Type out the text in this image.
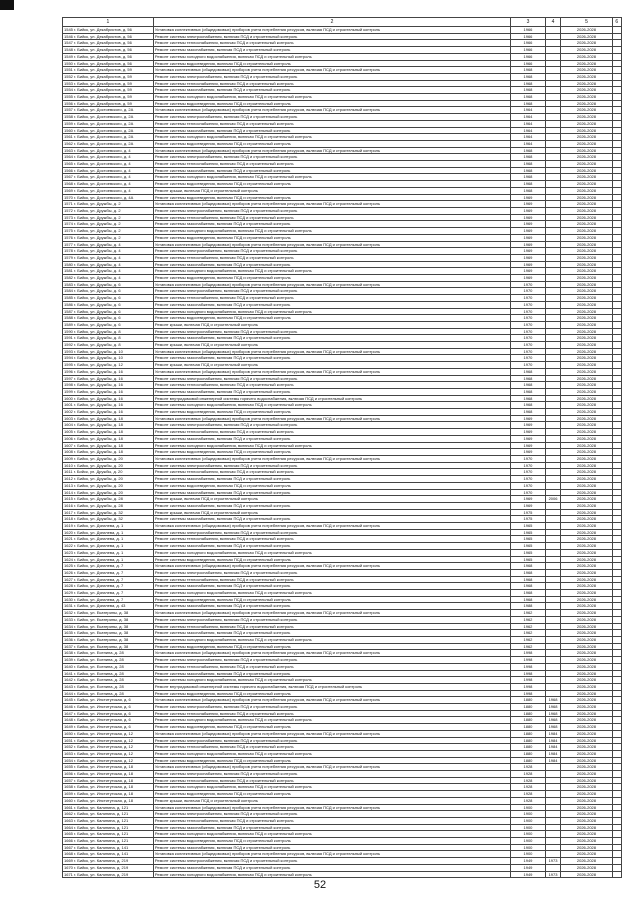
1	2	3	4	5	6
1545 г. Бийск, ул. Декабристов, д. 56	Установка коллективных (общедомовых) приборов учета потребления ресурсов, включая ПСД и строительный контроль	1966		2026-2028	
1546 г. Бийск, ул. Декабристов, д. 56	Ремонт системы электроснабжения, включая ПСД и строительный контроль	1966		2026-2028	
1547 г. Бийск, ул. Декабристов, д. 56	Ремонт системы теплоснабжения, включая ПСД и строительный контроль	1966		2026-2028	
1548 г. Бийск, ул. Декабристов, д. 56	Ремонт системы газоснабжения, включая ПСД и строительный контроль	1966		2026-2028	
1549 г. Бийск, ул. Декабристов, д. 56	Ремонт системы холодного водоснабжения, включая ПСД и строительный контроль	1966		2026-2028	
1550 г. Бийск, ул. Декабристов, д. 56	Ремонт системы водоотведения, включая ПСД и строительный контроль	1966		2026-2028	
1551 г. Бийск, ул. Декабристов, д. 59	Установка коллективных (общедомовых) приборов учета потребления ресурсов, включая ПСД и строительный контроль	1968		2026-2028	
1552 г. Бийск, ул. Декабристов, д. 59	Ремонт системы электроснабжения, включая ПСД и строительный контроль	1968		2026-2028	
1553 г. Бийск, ул. Декабристов, д. 59	Ремонт системы теплоснабжения, включая ПСД и строительный контроль	1968		2026-2028	
1554 г. Бийск, ул. Декабристов, д. 59	Ремонт системы газоснабжения, включая ПСД и строительный контроль	1968		2026-2028	
1555 г. Бийск, ул. Декабристов, д. 59	Ремонт системы холодного водоснабжения, включая ПСД и строительный контроль	1968		2026-2028	
1556 г. Бийск, ул. Декабристов, д. 59	Ремонт системы водоотведения, включая ПСД и строительный контроль	1968		2026-2028	
1557 г. Бийск, ул. Достоевского, д. 2А	Установка коллективных (общедомовых) приборов учета потребления ресурсов, включая ПСД и строительный контроль	1964		2026-2028	
1558 г. Бийск, ул. Достоевского, д. 2А	Ремонт системы электроснабжения, включая ПСД и строительный контроль	1964		2026-2028	
1559 г. Бийск, ул. Достоевского, д. 2А	Ремонт системы теплоснабжения, включая ПСД и строительный контроль	1964		2026-2028	
1560 г. Бийск, ул. Достоевского, д. 2А	Ремонт системы газоснабжения, включая ПСД и строительный контроль	1964		2026-2028	
1561 г. Бийск, ул. Достоевского, д. 2А	Ремонт системы холодного водоснабжения, включая ПСД и строительный контроль	1964		2026-2028	
1562 г. Бийск, ул. Достоевского, д. 2А	Ремонт системы водоотведения, включая ПСД и строительный контроль	1964		2026-2028	
1563 г. Бийск, ул. Достоевского, д. 4	Установка коллективных (общедомовых) приборов учета потребления ресурсов, включая ПСД и строительный контроль	1968		2026-2028	
1564 г. Бийск, ул. Достоевского, д. 4	Ремонт системы электроснабжения, включая ПСД и строительный контроль	1968		2026-2028	
1565 г. Бийск, ул. Достоевского, д. 4	Ремонт системы теплоснабжения, включая ПСД и строительный контроль	1968		2026-2028	
1566 г. Бийск, ул. Достоевского, д. 4	Ремонт системы газоснабжения, включая ПСД и строительный контроль	1968		2026-2028	
1567 г. Бийск, ул. Достоевского, д. 4	Ремонт системы холодного водоснабжения, включая ПСД и строительный контроль	1968		2026-2028	
1568 г. Бийск, ул. Достоевского, д. 4	Ремонт системы водоотведения, включая ПСД и строительный контроль	1968		2026-2028	
1569 г. Бийск, ул. Достоевского, д. 4	Ремонт крыши, включая ПСД и строительный контроль	1968		2026-2028	
1570 г. Бийск, ул. Достоевского, д. 4А	Ремонт системы водоотведения, включая ПСД и строительный контроль	1969		2026-2028	
1571 г. Бийск, ул. Дружбы, д. 2	Установка коллективных (общедомовых) приборов учета потребления ресурсов, включая ПСД и строительный контроль	1969		2026-2028	
1572 г. Бийск, ул. Дружбы, д. 2	Ремонт системы электроснабжения, включая ПСД и строительный контроль	1969		2026-2028	
1573 г. Бийск, ул. Дружбы, д. 2	Ремонт системы теплоснабжения, включая ПСД и строительный контроль	1969		2026-2028	
1574 г. Бийск, ул. Дружбы, д. 2	Ремонт системы газоснабжения, включая ПСД и строительный контроль	1969		2026-2028	
1575 г. Бийск, ул. Дружбы, д. 2	Ремонт системы холодного водоснабжения, включая ПСД и строительный контроль	1969		2026-2028	
1576 г. Бийск, ул. Дружбы, д. 2	Ремонт системы водоотведения, включая ПСД и строительный контроль	1969		2026-2028	
1577 г. Бийск, ул. Дружбы, д. 4	Установка коллективных (общедомовых) приборов учета потребления ресурсов, включая ПСД и строительный контроль	1969		2026-2028	
1578 г. Бийск, ул. Дружбы, д. 4	Ремонт системы электроснабжения, включая ПСД и строительный контроль	1969		2026-2028	
1579 г. Бийск, ул. Дружбы, д. 4	Ремонт системы теплоснабжения, включая ПСД и строительный контроль	1969		2026-2028	
1580 г. Бийск, ул. Дружбы, д. 4	Ремонт системы газоснабжения, включая ПСД и строительный контроль	1969		2026-2028	
1581 г. Бийск, ул. Дружбы, д. 4	Ремонт системы холодного водоснабжения, включая ПСД и строительный контроль	1969		2026-2028	
1582 г. Бийск, ул. Дружбы, д. 4	Ремонт системы водоотведения, включая ПСД и строительный контроль	1969		2026-2028	
1583 г. Бийск, ул. Дружбы, д. 6	Установка коллективных (общедомовых) приборов учета потребления ресурсов, включая ПСД и строительный контроль	1970		2026-2028	
1584 г. Бийск, ул. Дружбы, д. 6	Ремонт системы электроснабжения, включая ПСД и строительный контроль	1970		2026-2028	
1585 г. Бийск, ул. Дружбы, д. 6	Ремонт системы теплоснабжения, включая ПСД и строительный контроль	1970		2026-2028	
1586 г. Бийск, ул. Дружбы, д. 6	Ремонт системы газоснабжения, включая ПСД и строительный контроль	1970		2026-2028	
1587 г. Бийск, ул. Дружбы, д. 6	Ремонт системы холодного водоснабжения, включая ПСД и строительный контроль	1970		2026-2028	
1588 г. Бийск, ул. Дружбы, д. 6	Ремонт системы водоотведения, включая ПСД и строительный контроль	1970		2026-2028	
1589 г. Бийск, ул. Дружбы, д. 6	Ремонт крыши, включая ПСД и строительный контроль	1970		2026-2028	
1590 г. Бийск, ул. Дружбы, д. 8	Ремонт системы электроснабжения, включая ПСД и строительный контроль	1970		2026-2028	
1591 г. Бийск, ул. Дружбы, д. 8	Ремонт системы газоснабжения, включая ПСД и строительный контроль	1970		2026-2028	
1592 г. Бийск, ул. Дружбы, д. 8	Ремонт крыши, включая ПСД и строительный контроль	1970		2026-2028	
1593 г. Бийск, ул. Дружбы, д. 10	Установка коллективных (общедомовых) приборов учета потребления ресурсов, включая ПСД и строительный контроль	1970		2026-2028	
1594 г. Бийск, ул. Дружбы, д. 10	Ремонт системы газоснабжения, включая ПСД и строительный контроль	1970		2026-2028	
1595 г. Бийск, ул. Дружбы, д. 12	Ремонт крыши, включая ПСД и строительный контроль	1970		2026-2028	
1596 г. Бийск, ул. Дружбы, д. 16	Установка коллективных (общедомовых) приборов учета потребления ресурсов, включая ПСД и строительный контроль	1968		2026-2028	
1597 г. Бийск, ул. Дружбы, д. 16	Ремонт системы электроснабжения, включая ПСД и строительный контроль	1968		2026-2028	
1598 г. Бийск, ул. Дружбы, д. 16	Ремонт системы теплоснабжения, включая ПСД и строительный контроль	1968		2026-2028	
1599 г. Бийск, ул. Дружбы, д. 16	Ремонт системы газоснабжения, включая ПСД и строительный контроль	1968		2026-2028	
1600 г. Бийск, ул. Дружбы, д. 16	Ремонт внутридомовой инженерной системы горячего водоснабжения, включая ПСД и строительный контроль	1968		2026-2028	
1601 г. Бийск, ул. Дружбы, д. 16	Ремонт системы холодного водоснабжения, включая ПСД и строительный контроль	1968		2026-2028	
1602 г. Бийск, ул. Дружбы, д. 16	Ремонт системы водоотведения, включая ПСД и строительный контроль	1968		2026-2028	
1603 г. Бийск, ул. Дружбы, д. 18	Установка коллективных (общедомовых) приборов учета потребления ресурсов, включая ПСД и строительный контроль	1969		2026-2028	
1604 г. Бийск, ул. Дружбы, д. 18	Ремонт системы электроснабжения, включая ПСД и строительный контроль	1969		2026-2028	
1605 г. Бийск, ул. Дружбы, д. 18	Ремонт системы теплоснабжения, включая ПСД и строительный контроль	1969		2026-2028	
1606 г. Бийск, ул. Дружбы, д. 18	Ремонт системы газоснабжения, включая ПСД и строительный контроль	1969		2026-2028	
1607 г. Бийск, ул. Дружбы, д. 18	Ремонт системы холодного водоснабжения, включая ПСД и строительный контроль	1969		2026-2028	
1608 г. Бийск, ул. Дружбы, д. 18	Ремонт системы водоотведения, включая ПСД и строительный контроль	1969		2026-2028	
1609 г. Бийск, ул. Дружбы, д. 20	Установка коллективных (общедомовых) приборов учета потребления ресурсов, включая ПСД и строительный контроль	1970		2026-2028	
1610 г. Бийск, ул. Дружбы, д. 20	Ремонт системы электроснабжения, включая ПСД и строительный контроль	1970		2026-2028	
1611 г. Бийск, ул. Дружбы, д. 20	Ремонт системы теплоснабжения, включая ПСД и строительный контроль	1970		2026-2028	
1612 г. Бийск, ул. Дружбы, д. 20	Ремонт системы газоснабжения, включая ПСД и строительный контроль	1970		2026-2028	
1613 г. Бийск, ул. Дружбы, д. 20	Ремонт системы водоотведения, включая ПСД и строительный контроль	1970		2026-2028	
1614 г. Бийск, ул. Дружбы, д. 20	Ремонт системы газоснабжения, включая ПСД и строительный контроль	1970		2026-2028	
1615 г. Бийск, ул. Дружбы, д. 28	Ремонт крыши, включая ПСД и строительный контроль	1969	2006	2026-2028	
1616 г. Бийск, ул. Дружбы, д. 28	Ремонт системы газоснабжения, включая ПСД и строительный контроль	1969		2026-2028	
1617 г. Бийск, ул. Дружбы, д. 32	Ремонт крыши, включая ПСД и строительный контроль	1975		2026-2028	
1618 г. Бийск, ул. Дружбы, д. 32	Ремонт системы газоснабжения, включая ПСД и строительный контроль	1975		2026-2028	
1619 г. Бийск, ул. Дягилева, д. 1	Установка коллективных (общедомовых) приборов учета потребления ресурсов, включая ПСД и строительный контроль	1965		2026-2028	
1620 г. Бийск, ул. Дягилева, д. 1	Ремонт системы электроснабжения, включая ПСД и строительный контроль	1965		2026-2028	
1621 г. Бийск, ул. Дягилева, д. 1	Ремонт системы теплоснабжения, включая ПСД и строительный контроль	1965		2026-2028	
1622 г. Бийск, ул. Дягилева, д. 1	Ремонт системы газоснабжения, включая ПСД и строительный контроль	1965		2026-2028	
1623 г. Бийск, ул. Дягилева, д. 1	Ремонт системы холодного водоснабжения, включая ПСД и строительный контроль	1965		2026-2028	
1624 г. Бийск, ул. Дягилева, д. 1	Ремонт системы водоотведения, включая ПСД и строительный контроль	1965		2026-2028	
1625 г. Бийск, ул. Дягилева, д. 7	Установка коллективных (общедомовых) приборов учета потребления ресурсов, включая ПСД и строительный контроль	1968		2026-2028	
1626 г. Бийск, ул. Дягилева, д. 7	Ремонт системы электроснабжения, включая ПСД и строительный контроль	1968		2026-2028	
1627 г. Бийск, ул. Дягилева, д. 7	Ремонт системы теплоснабжения, включая ПСД и строительный контроль	1968		2026-2028	
1628 г. Бийск, ул. Дягилева, д. 7	Ремонт системы газоснабжения, включая ПСД и строительный контроль	1968		2026-2028	
1629 г. Бийск, ул. Дягилева, д. 7	Ремонт системы холодного водоснабжения, включая ПСД и строительный контроль	1968		2026-2028	
1630 г. Бийск, ул. Дягилева, д. 7	Ремонт системы водоотведения, включая ПСД и строительный контроль	1968		2026-2028	
1631 г. Бийск, ул. Дягилева, д. 43	Ремонт системы газоснабжения, включая ПСД и строительный контроль	1988		2026-2028	
1632 г. Бийск, ул. Екатерины, д. 38	Установка коллективных (общедомовых) приборов учета потребления ресурсов, включая ПСД и строительный контроль	1962		2026-2028	
1633 г. Бийск, ул. Екатерины, д. 38	Ремонт системы электроснабжения, включая ПСД и строительный контроль	1962		2026-2028	
1634 г. Бийск, ул. Екатерины, д. 38	Ремонт системы теплоснабжения, включая ПСД и строительный контроль	1962		2026-2028	
1635 г. Бийск, ул. Екатерины, д. 38	Ремонт системы газоснабжения, включая ПСД и строительный контроль	1962		2026-2028	
1636 г. Бийск, ул. Екатерины, д. 38	Ремонт системы холодного водоснабжения, включая ПСД и строительный контроль	1962		2026-2028	
1637 г. Бийск, ул. Екатерины, д. 38	Ремонт системы водоотведения, включая ПСД и строительный контроль	1962		2026-2028	
1638 г. Бийск, ул. Есенина, д. 28	Установка коллективных (общедомовых) приборов учета потребления ресурсов, включая ПСД и строительный контроль	1998		2026-2028	
1639 г. Бийск, ул. Есенина, д. 28	Ремонт системы электроснабжения, включая ПСД и строительный контроль	1998		2026-2028	
1640 г. Бийск, ул. Есенина, д. 28	Ремонт системы теплоснабжения, включая ПСД и строительный контроль	1998		2026-2028	
1641 г. Бийск, ул. Есенина, д. 28	Ремонт системы газоснабжения, включая ПСД и строительный контроль	1998		2026-2028	
1642 г. Бийск, ул. Есенина, д. 28	Ремонт системы холодного водоснабжения, включая ПСД и строительный контроль	1998		2026-2028	
1643 г. Бийск, ул. Есенина, д. 28	Ремонт внутридомовой инженерной системы горячего водоснабжения, включая ПСД и строительный контроль	1998		2026-2028	
1644 г. Бийск, ул. Есенина, д. 28	Ремонт системы водоотведения, включая ПСД и строительный контроль	1998		2026-2028	
1645 г. Бийск, ул. Институтская, д. 6	Установка коллективных (общедомовых) приборов учета потребления ресурсов, включая ПСД и строительный контроль	1880	1968	2026-2028	
1646 г. Бийск, ул. Институтская, д. 6	Ремонт системы электроснабжения, включая ПСД и строительный контроль	1880	1968	2026-2028	
1647 г. Бийск, ул. Институтская, д. 6	Ремонт системы теплоснабжения, включая ПСД и строительный контроль	1880	1968	2026-2028	
1648 г. Бийск, ул. Институтская, д. 6	Ремонт системы холодного водоснабжения, включая ПСД и строительный контроль	1880	1968	2026-2028	
1649 г. Бийск, ул. Институтская, д. 6	Ремонт системы водоотведения, включая ПСД и строительный контроль	1880	1968	2026-2028	
1650 г. Бийск, ул. Институтская, д. 12	Установка коллективных (общедомовых) приборов учета потребления ресурсов, включая ПСД и строительный контроль	1880	1984	2026-2028	
1651 г. Бийск, ул. Институтская, д. 12	Ремонт системы электроснабжения, включая ПСД и строительный контроль	1880	1984	2026-2028	
1652 г. Бийск, ул. Институтская, д. 12	Ремонт системы теплоснабжения, включая ПСД и строительный контроль	1880	1984	2026-2028	
1653 г. Бийск, ул. Институтская, д. 12	Ремонт системы холодного водоснабжения, включая ПСД и строительный контроль	1880	1984	2026-2028	
1654 г. Бийск, ул. Институтская, д. 12	Ремонт системы водоотведения, включая ПСД и строительный контроль	1880	1984	2026-2028	
1655 г. Бийск, ул. Институтская, д. 18	Установка коллективных (общедомовых) приборов учета потребления ресурсов, включая ПСД и строительный контроль	1928		2026-2028	
1656 г. Бийск, ул. Институтская, д. 18	Ремонт системы электроснабжения, включая ПСД и строительный контроль	1928		2026-2028	
1657 г. Бийск, ул. Институтская, д. 18	Ремонт системы теплоснабжения, включая ПСД и строительный контроль	1928		2026-2028	
1658 г. Бийск, ул. Институтская, д. 18	Ремонт системы холодного водоснабжения, включая ПСД и строительный контроль	1928		2026-2028	
1659 г. Бийск, ул. Институтская, д. 18	Ремонт системы водоотведения, включая ПСД и строительный контроль	1928		2026-2028	
1660 г. Бийск, ул. Институтская, д. 18	Ремонт крыши, включая ПСД и строительный контроль	1928		2026-2028	
1661 г. Бийск, ул. Калинина, д. 121	Установка коллективных (общедомовых) приборов учета потребления ресурсов, включая ПСД и строительный контроль	1900		2026-2028	
1662 г. Бийск, ул. Калинина, д. 121	Ремонт системы электроснабжения, включая ПСД и строительный контроль	1900		2026-2028	
1663 г. Бийск, ул. Калинина, д. 121	Ремонт системы теплоснабжения, включая ПСД и строительный контроль	1900		2026-2028	
1664 г. Бийск, ул. Калинина, д. 121	Ремонт системы газоснабжения, включая ПСД и строительный контроль	1900		2026-2028	
1665 г. Бийск, ул. Калинина, д. 121	Ремонт системы холодного водоснабжения, включая ПСД и строительный контроль	1900		2026-2028	
1666 г. Бийск, ул. Калинина, д. 121	Ремонт системы водоотведения, включая ПСД и строительный контроль	1900		2026-2028	
1667 г. Бийск, ул. Калинина, д. 141	Ремонт системы газоснабжения, включая ПСД и строительный контроль	1900		2026-2028	
1668 г. Бийск, ул. Калинина, д. 141	Установка коллективных (общедомовых) приборов учета потребления ресурсов, включая ПСД и строительный контроль	1900		2026-2028	
1669 г. Бийск, ул. Калинина, д. 219	Ремонт системы электроснабжения, включая ПСД и строительный контроль	1949	1973	2026-2028	
1670 г. Бийск, ул. Калинина, д. 219	Ремонт системы газоснабжения, включая ПСД и строительный контроль	1949		2026-2028	
1671 г. Бийск, ул. Калинина, д. 219	Ремонт системы холодного водоснабжения, включая ПСД и строительный контроль	1949	1973	2026-2028	
52
